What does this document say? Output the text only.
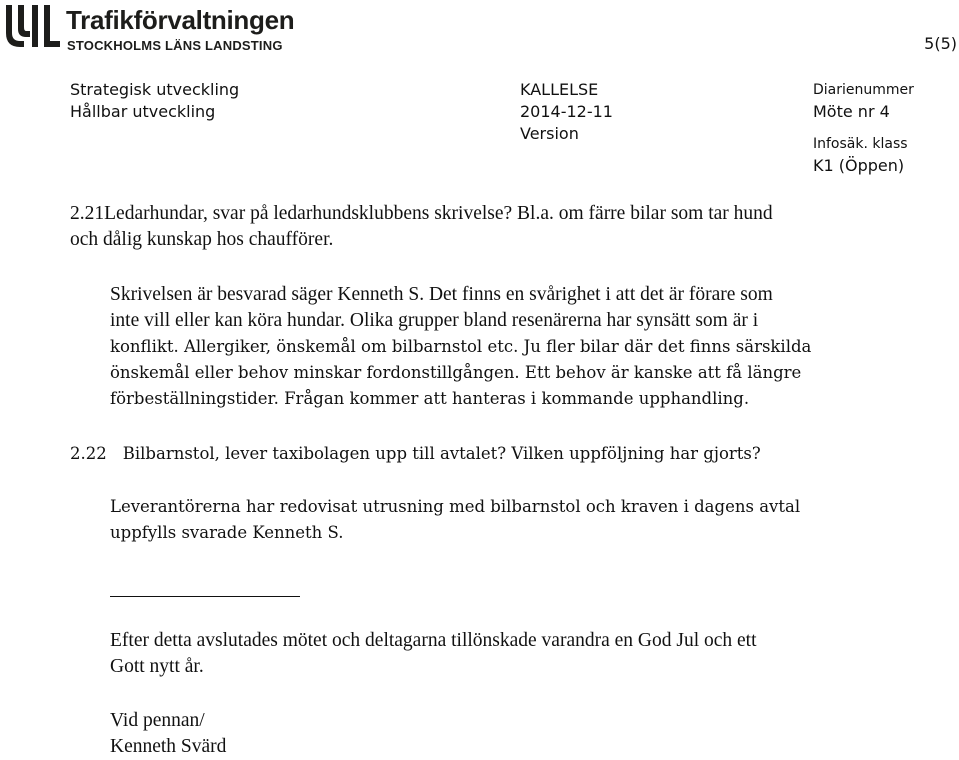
Trafikförvaltningen
STOCKHOLMS LÄNS LANDSTING	5(5)
Strategisk utveckling
Hållbar utveckling
KALLELSE
2014-12-11
Version
Diarienummer
Möte nr 4
Infosäk. klass
K1 (Öppen)
2.21Ledarhundar, svar på ledarhundsklubbens skrivelse? Bl.a. om färre bilar som tar hund
och dålig kunskap hos chaufförer.
Skrivelsen är besvarad säger Kenneth S. Det finns en svårighet i att det är förare som
inte vill eller kan köra hundar. Olika grupper bland resenärerna har synsätt som är i
konflikt. Allergiker, önskemål om bilbarnstol etc. Ju fler bilar där det finns särskilda
önskemål eller behov minskar fordonstillgången. Ett behov är kanske att få längre
förbeställningstider. Frågan kommer att hanteras i kommande upphandling.
2.22 Bilbarnstol, lever taxibolagen upp till avtalet? Vilken uppföljning har gjorts?
Leverantörerna har redovisat utrusning med bilbarnstol och kraven i dagens avtal
uppfylls svarade Kenneth S.
Efter detta avslutades mötet och deltagarna tillönskade varandra en God Jul och ett
Gott nytt år.
Vid pennan/
Kenneth Svärd
